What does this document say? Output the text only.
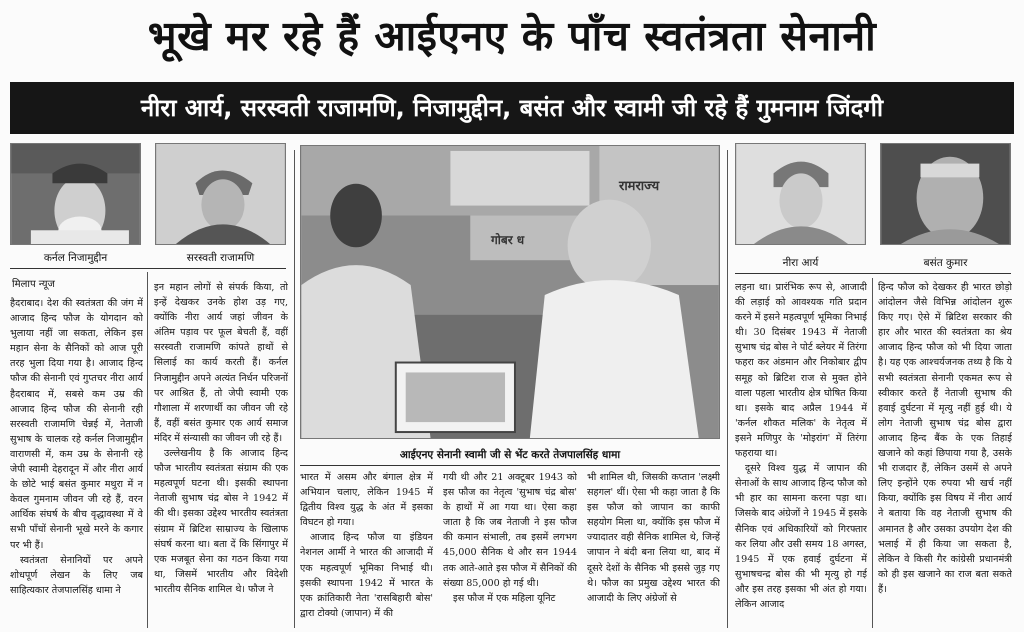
भूखे मर रहे हैं आईएनए के पाँच स्वतंत्रता सेनानी
नीरा आर्य, सरस्वती राजामणि, निजामुद्दीन, बसंत और स्वामी जी रहे हैं गुमनाम जिंदगी
कर्नल निजामुद्दीन	सरस्वती राजामणि
रामराज्य
गोबर ध
आईएनए सेनानी स्वामी जी से भेंट करते तेजपालसिंह धामा
नीरा आर्य	बसंत कुमार
मिलाप न्यूज

हैदराबाद। देश की स्वतंत्रता की जंग में आजाद हिन्द फौज के योगदान को भुलाया नहीं जा सकता, लेकिन इस महान सेना के सैनिकों को आज पूरी तरह भुला दिया गया है। आजाद हिन्द फौज की सेनानी एवं गुप्तचर नीरा आर्य हैदराबाद में, सबसे कम उम्र की आजाद हिन्द फौज की सेनानी रही सरस्वती राजामणि चेन्नई में, नेताजी सुभाष के चालक रहे कर्नल निजामुद्दीन वाराणसी में, कम उम्र के सेनानी रहे जेपी स्वामी देहरादून में और नीरा आर्य के छोटे भाई बसंत कुमार मथुरा में न केवल गुमनाम जीवन जी रहे हैं, वरन आर्थिक संघर्ष के बीच वृद्धावस्था में वे सभी पाँचों सेनानी भूखे मरने के कगार पर भी हैं।

स्वतंत्रता सेनानियों पर अपने शोधपूर्ण लेखन के लिए जब साहित्यकार तेजपालसिंह धामा ने

इन महान लोगों से संपर्क किया, तो इन्हें देखकर उनके होश उड़ गए, क्योंकि नीरा आर्य जहां जीवन के अंतिम पड़ाव पर फूल बेचती हैं, वहीं सरस्वती राजामणि कांपते हाथों से सिलाई का कार्य करती हैं। कर्नल निजामुद्दीन अपने अत्यंत निर्धन परिजनों पर आश्रित हैं, तो जेपी स्वामी एक गौशाला में शरणार्थी का जीवन जी रहे हैं, वहीं बसंत कुमार एक आर्य समाज मंदिर में संन्यासी का जीवन जी रहे हैं।

उल्लेखनीय है कि आजाद हिन्द फौज भारतीय स्वतंत्रता संग्राम की एक महत्वपूर्ण घटना थी। इसकी स्थापना नेताजी सुभाष चंद्र बोस ने 1942 में की थी। इसका उद्देश्य भारतीय स्वतंत्रता संग्राम में ब्रिटिश साम्राज्य के खिलाफ संघर्ष करना था। बता दें कि सिंगापुर में एक मजबूत सेना का गठन किया गया था, जिसमें भारतीय और विदेशी भारतीय सैनिक शामिल थे। फौज ने

भारत में असम और बंगाल क्षेत्र में अभियान चलाए, लेकिन 1945 में द्वितीय विश्व युद्ध के अंत में इसका विघटन हो गया।

आजाद हिन्द फौज या इंडियन नेशनल आर्मी ने भारत की आजादी में एक महत्वपूर्ण भूमिका निभाई थी। इसकी स्थापना 1942 में भारत के एक क्रांतिकारी नेता 'रासबिहारी बोस' द्वारा टोक्यो (जापान) में की

गयी थी और 21 अक्टूबर 1943 को इस फौज का नेतृत्व 'सुभाष चंद्र बोस' के हाथों में आ गया था। ऐसा कहा जाता है कि जब नेताजी ने इस फौज की कमान संभाली, तब इसमें लगभग 45,000 सैनिक थे और सन 1944 तक आते-आते इस फौज में सैनिकों की संख्या 85,000 हो गई थी।

इस फौज में एक महिला यूनिट

भी शामिल थी, जिसकी कप्तान 'लक्ष्मी सहगल' थीं। ऐसा भी कहा जाता है कि इस फौज को जापान का काफी सहयोग मिला था, क्योंकि इस फौज में ज्यादातर वही सैनिक शामिल थे, जिन्हें जापान ने बंदी बना लिया था, बाद में दूसरे देशों के सैनिक भी इससे जुड़ गए थे। फौज का प्रमुख उद्देश्य भारत की आजादी के लिए अंग्रेजों से

लड़ना था। प्रारंभिक रूप से, आजादी की लड़ाई को आवश्यक गति प्रदान करने में इसने महत्वपूर्ण भूमिका निभाई थी। 30 दिसंबर 1943 में नेताजी सुभाष चंद्र बोस ने पोर्ट ब्लेयर में तिरंगा फहरा कर अंडमान और निकोबार द्वीप समूह को ब्रिटिश राज से मुक्त होने वाला पहला भारतीय क्षेत्र घोषित किया था। इसके बाद अप्रैल 1944 में 'कर्नल शौकत मलिक' के नेतृत्व में इसने मणिपुर के 'मोइरांग' में तिरंगा फहराया था।

दूसरे विश्व युद्ध में जापान की सेनाओं के साथ आजाद हिन्द फौज को भी हार का सामना करना पड़ा था। जिसके बाद अंग्रेजों ने 1945 में इसके सैनिक एवं अधिकारियों को गिरफ्तार कर लिया और उसी समय 18 अगस्त, 1945 में एक हवाई दुर्घटना में सुभाषचन्द्र बोस की भी मृत्यु हो गई और इस तरह इसका भी अंत हो गया। लेकिन आजाद

हिन्द फौज को देखकर ही भारत छोड़ो आंदोलन जैसे विभिन्न आंदोलन शुरू किए गए। ऐसे में ब्रिटिश सरकार की हार और भारत की स्वतंत्रता का श्रेय आजाद हिन्द फौज को भी दिया जाता है। यह एक आश्चर्यजनक तथ्य है कि ये सभी स्वतंत्रता सेनानी एकमत रूप से स्वीकार करते हैं नेताजी सुभाष की हवाई दुर्घटना में मृत्यु नहीं हुई थी। ये लोग नेताजी सुभाष चंद्र बोस द्वारा आजाद हिन्द बैंक के एक तिहाई खजाने को कहां छिपाया गया है, उसके भी राजदार हैं, लेकिन उसमें से अपने लिए इन्होंने एक रुपया भी खर्च नहीं किया, क्योंकि इस विषय में नीरा आर्य ने बताया कि वह नेताजी सुभाष की अमानत है और उसका उपयोग देश की भलाई में ही किया जा सकता है, लेकिन वे किसी गैर कांग्रेसी प्रधानमंत्री को ही इस खजाने का राज बता सकते हैं।
